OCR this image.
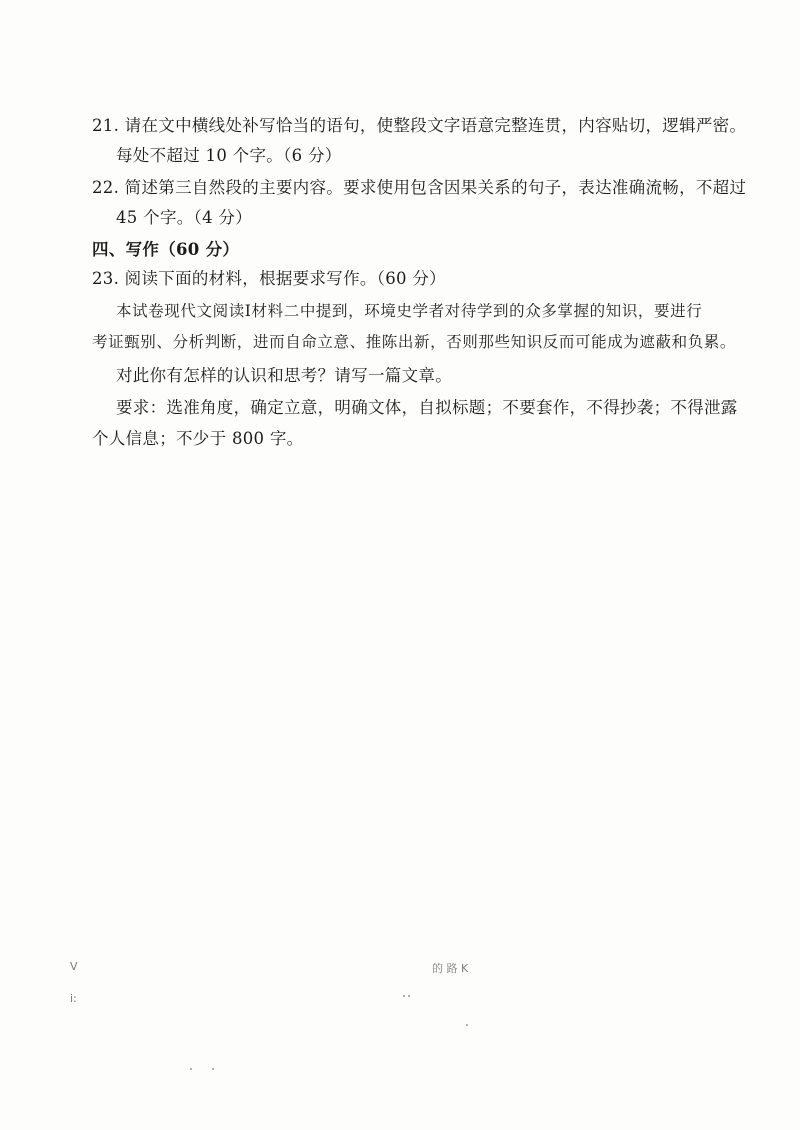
21. 请在文中横线处补写恰当的语句，使整段文字语意完整连贯，内容贴切，逻辑严密。
每处不超过 10 个字。（6 分）
22. 简述第三自然段的主要内容。要求使用包含因果关系的句子，表达准确流畅，不超过
45 个字。（4 分）
四、写作（60 分）
23. 阅读下面的材料，根据要求写作。（60 分）
本试卷现代文阅读Ⅰ材料二中提到，环境史学者对待学到的众多掌握的知识，要进行
考证甄别、分析判断，进而自命立意、推陈出新，否则那些知识反而可能成为遮蔽和负累。
对此你有怎样的认识和思考？请写一篇文章。
要求：选准角度，确定立意，明确文体，自拟标题；不要套作，不得抄袭；不得泄露
个人信息；不少于 800 字。
V
i:
的 路 K
